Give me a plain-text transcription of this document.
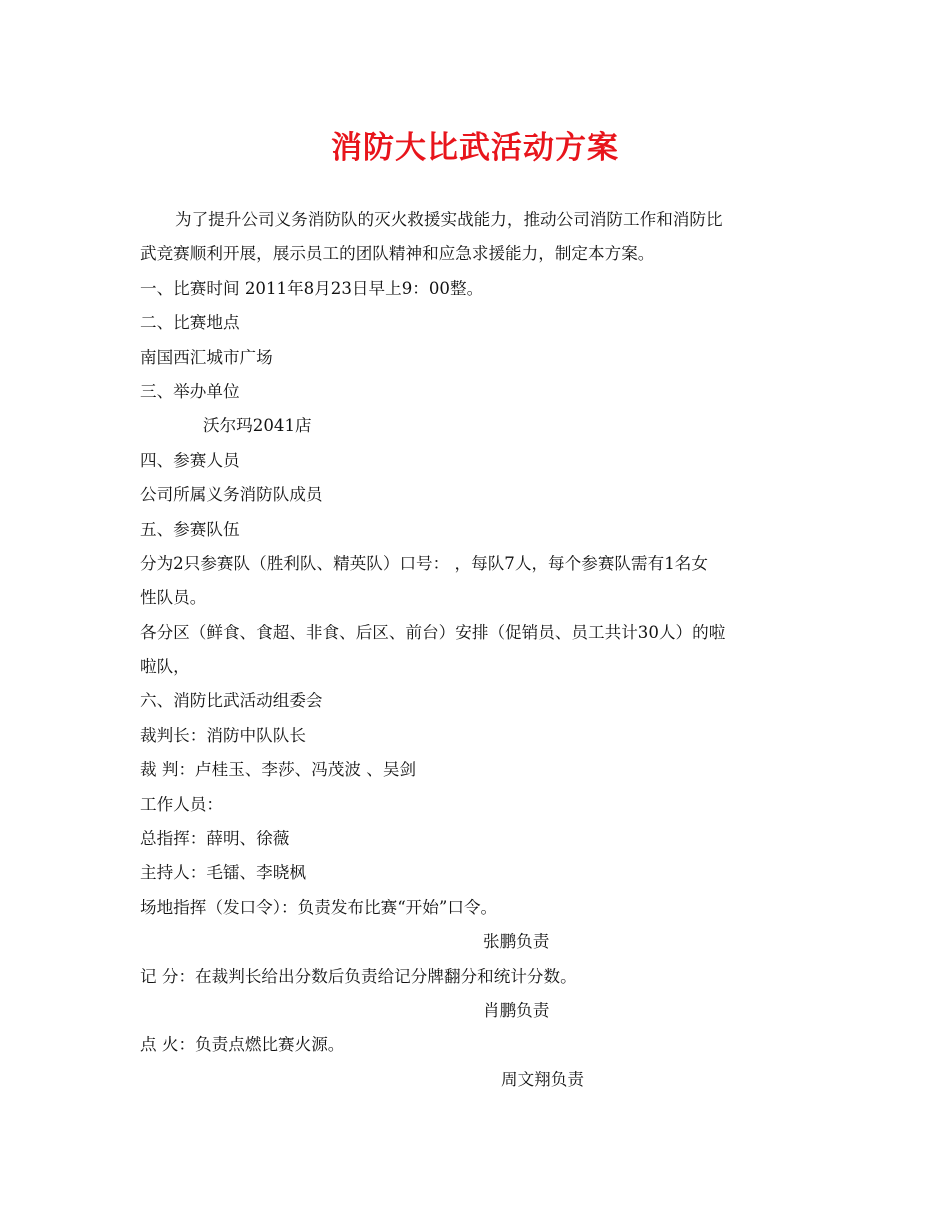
消防大比武活动方案
为了提升公司义务消防队的灭火救援实战能力，推动公司消防工作和消防比
武竞赛顺利开展，展示员工的团队精神和应急求援能力，制定本方案。
一、比赛时间 2011年8月23日早上9：00整。
二、比赛地点
南国西汇城市广场
三、举办单位
沃尔玛2041店
四、参赛人员
公司所属义务消防队成员
五、参赛队伍
分为2只参赛队（胜利队、精英队）口号： ，每队7人，每个参赛队需有1名女
性队员。
各分区（鲜食、食超、非食、后区、前台）安排（促销员、员工共计30人）的啦
啦队，
六、消防比武活动组委会
裁判长：消防中队队长
裁 判：卢桂玉、李莎、冯茂波 、吴剑
工作人员：
总指挥：薛明、徐薇
主持人：毛镭、李晓枫
场地指挥（发口令）：负责发布比赛“开始”口令。
张鹏负责
记 分：在裁判长给出分数后负责给记分牌翻分和统计分数。
肖鹏负责
点 火：负责点燃比赛火源。
周文翔负责
